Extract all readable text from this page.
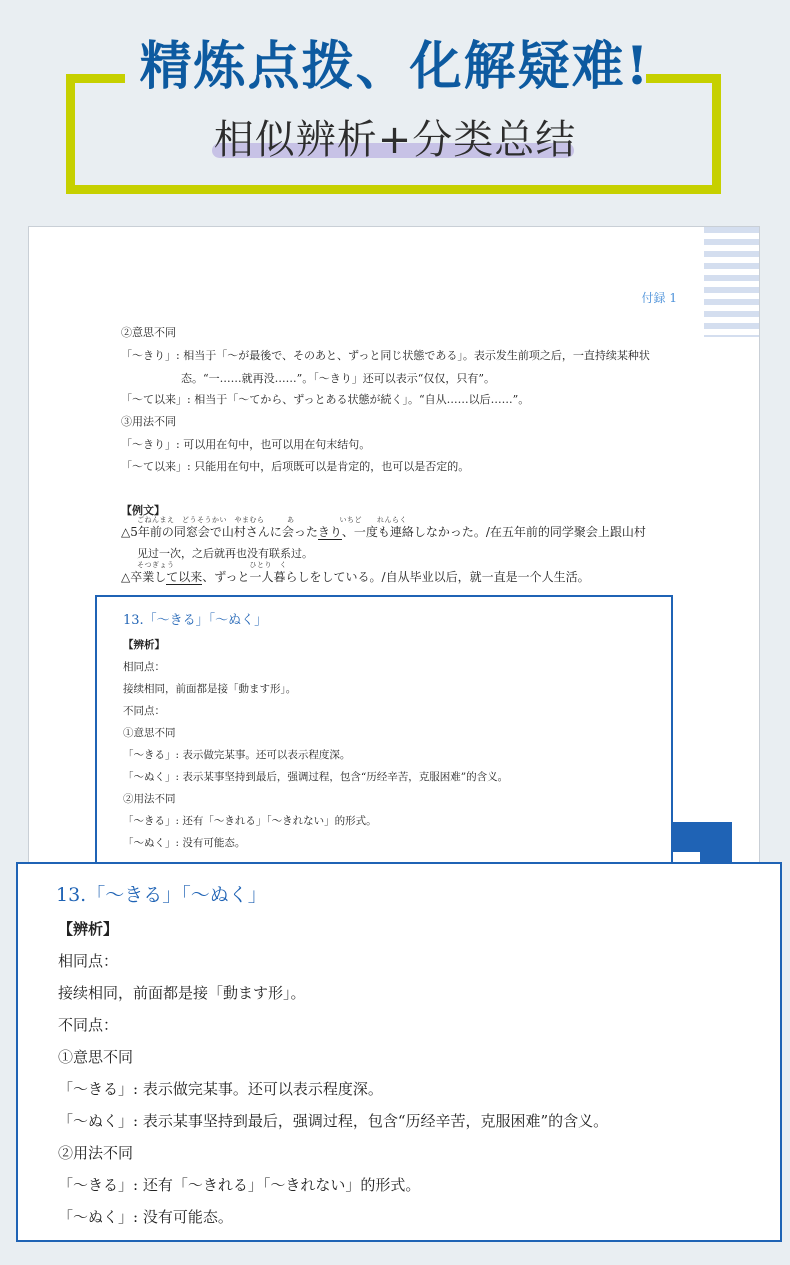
精炼点拨、化解疑难!
相似辨析+分类总结
付録 1
②意思不同
「～きり」: 相当于「～が最後で、そのあと、ずっと同じ状態である」。表示发生前项之后，一直持续某种状
态。“一……就再没……”。「～きり」还可以表示“仅仅，只有”。
「～て以来」: 相当于「～てから、ずっとある状態が続く」。“自从……以后……”。
③用法不同
「～きり」: 可以用在句中，也可以用在句末结句。
「～て以来」: 只能用在句中，后项既可以是肯定的，也可以是否定的。
【例文】
ごねんまえ　どうそうかい　やまむら　　　あ　　　　　　いちど　　れんらく
△5年前の同窓会で山村さんに会ったきり、一度も連絡しなかった。/在五年前的同学聚会上跟山村
见过一次，之后就再也没有联系过。
そつぎょう　　　　　　　　　　ひとり　く
△卒業して以来、ずっと一人暮らしをしている。/自从毕业以后，就一直是一个人生活。
13.「～きる」「～ぬく」
【辨析】
相同点：
接续相同，前面都是接「動ます形」。
不同点：
①意思不同
「～きる」: 表示做完某事。还可以表示程度深。
「～ぬく」: 表示某事坚持到最后，强调过程，包含“历经辛苦，克服困难”的含义。
②用法不同
「～きる」: 还有「～きれる」「～きれない」的形式。
「～ぬく」: 没有可能态。
13.「～きる」「～ぬく」
【辨析】
相同点：
接续相同，前面都是接「動ます形」。
不同点：
①意思不同
「～きる」: 表示做完某事。还可以表示程度深。
「～ぬく」: 表示某事坚持到最后，强调过程，包含“历经辛苦，克服困难”的含义。
②用法不同
「～きる」: 还有「～きれる」「～きれない」的形式。
「～ぬく」: 没有可能态。
